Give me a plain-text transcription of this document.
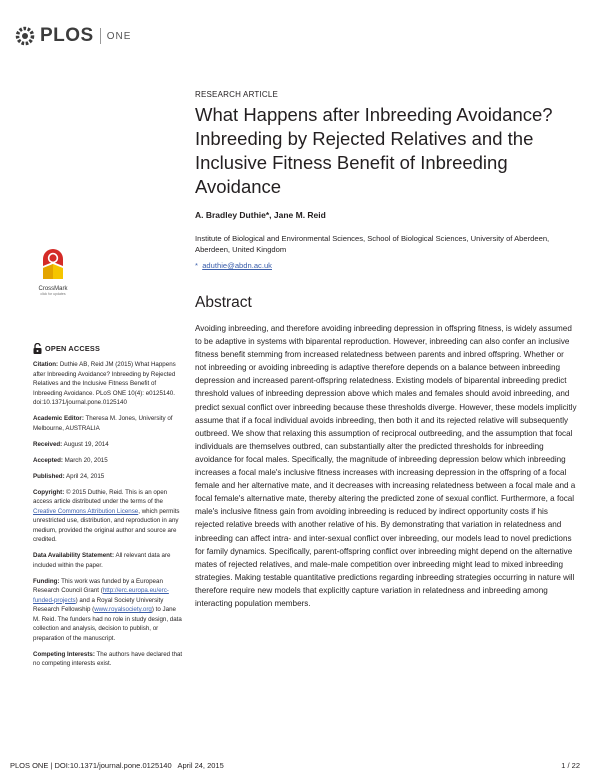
PLOS ONE
RESEARCH ARTICLE
What Happens after Inbreeding Avoidance? Inbreeding by Rejected Relatives and the Inclusive Fitness Benefit of Inbreeding Avoidance
A. Bradley Duthie*, Jane M. Reid
Institute of Biological and Environmental Sciences, School of Biological Sciences, University of Aberdeen, Aberdeen, United Kingdom
* aduthie@abdn.ac.uk
CrossMark
click for updates	Abstract

Avoiding inbreeding, and therefore avoiding inbreeding depression in offspring fitness, is widely assumed to be adaptive in systems with biparental reproduction. However, inbreeding can also confer an inclusive fitness benefit stemming from increased relatedness between parents and inbred offspring. Whether or not inbreeding or avoiding inbreeding is adaptive therefore depends on a balance between inbreeding depression and increased parent-offspring relatedness. Existing models of biparental inbreeding predict threshold values of inbreeding depression above which males and females should avoid inbreeding, and predict sexual conflict over inbreeding because these thresholds diverge. However, these models implicitly assume that if a focal individual avoids inbreeding, then both it and its rejected relative will subsequently outbreed. We show that relaxing this assumption of reciprocal outbreeding, and the assumption that focal individuals are themselves outbred, can substantially alter the predicted thresholds for inbreeding avoidance for focal males. Specifically, the magnitude of inbreeding depression below which inbreeding increases a focal male's inclusive fitness increases with increasing depression in the offspring of a focal female and her alternative mate, and it decreases with increasing relatedness between a focal male and a focal female's alternative mate, thereby altering the predicted zone of sexual conflict. Furthermore, a focal male's inclusive fitness gain from avoiding inbreeding is reduced by indirect opportunity costs if his rejected relative breeds with another relative of his. By demonstrating that variation in relatedness and inbreeding can affect intra- and inter-sexual conflict over inbreeding, our models lead to novel predictions for family dynamics. Specifically, parent-offspring conflict over inbreeding might depend on the alternative mates of rejected relatives, and male-male competition over inbreeding might lead to mixed inbreeding strategies. Making testable quantitative predictions regarding inbreeding strategies occurring in nature will therefore require new models that explicitly capture variation in relatedness and inbreeding among interacting population members.

OPEN ACCESS

Citation: Duthie AB, Reid JM (2015) What Happens after Inbreeding Avoidance? Inbreeding by Rejected Relatives and the Inclusive Fitness Benefit of Inbreeding Avoidance. PLoS ONE 10(4): e0125140. doi:10.1371/journal.pone.0125140

Academic Editor: Theresa M. Jones, University of Melbourne, AUSTRALIA

Received: August 19, 2014

Accepted: March 20, 2015

Published: April 24, 2015

Copyright: © 2015 Duthie, Reid. This is an open access article distributed under the terms of the Creative Commons Attribution License, which permits unrestricted use, distribution, and reproduction in any medium, provided the original author and source are credited.

Data Availability Statement: All relevant data are included within the paper.

Funding: This work was funded by a European Research Council Grant (http://erc.europa.eu/erc-funded-projects) and a Royal Society University Research Fellowship (www.royalsociety.org) to Jane M. Reid. The funders had no role in study design, data collection and analysis, decision to publish, or preparation of the manuscript.

Competing Interests: The authors have declared that no competing interests exist.

PLOS ONE | DOI:10.1371/journal.pone.0125140   April 24, 2015	1 / 22
